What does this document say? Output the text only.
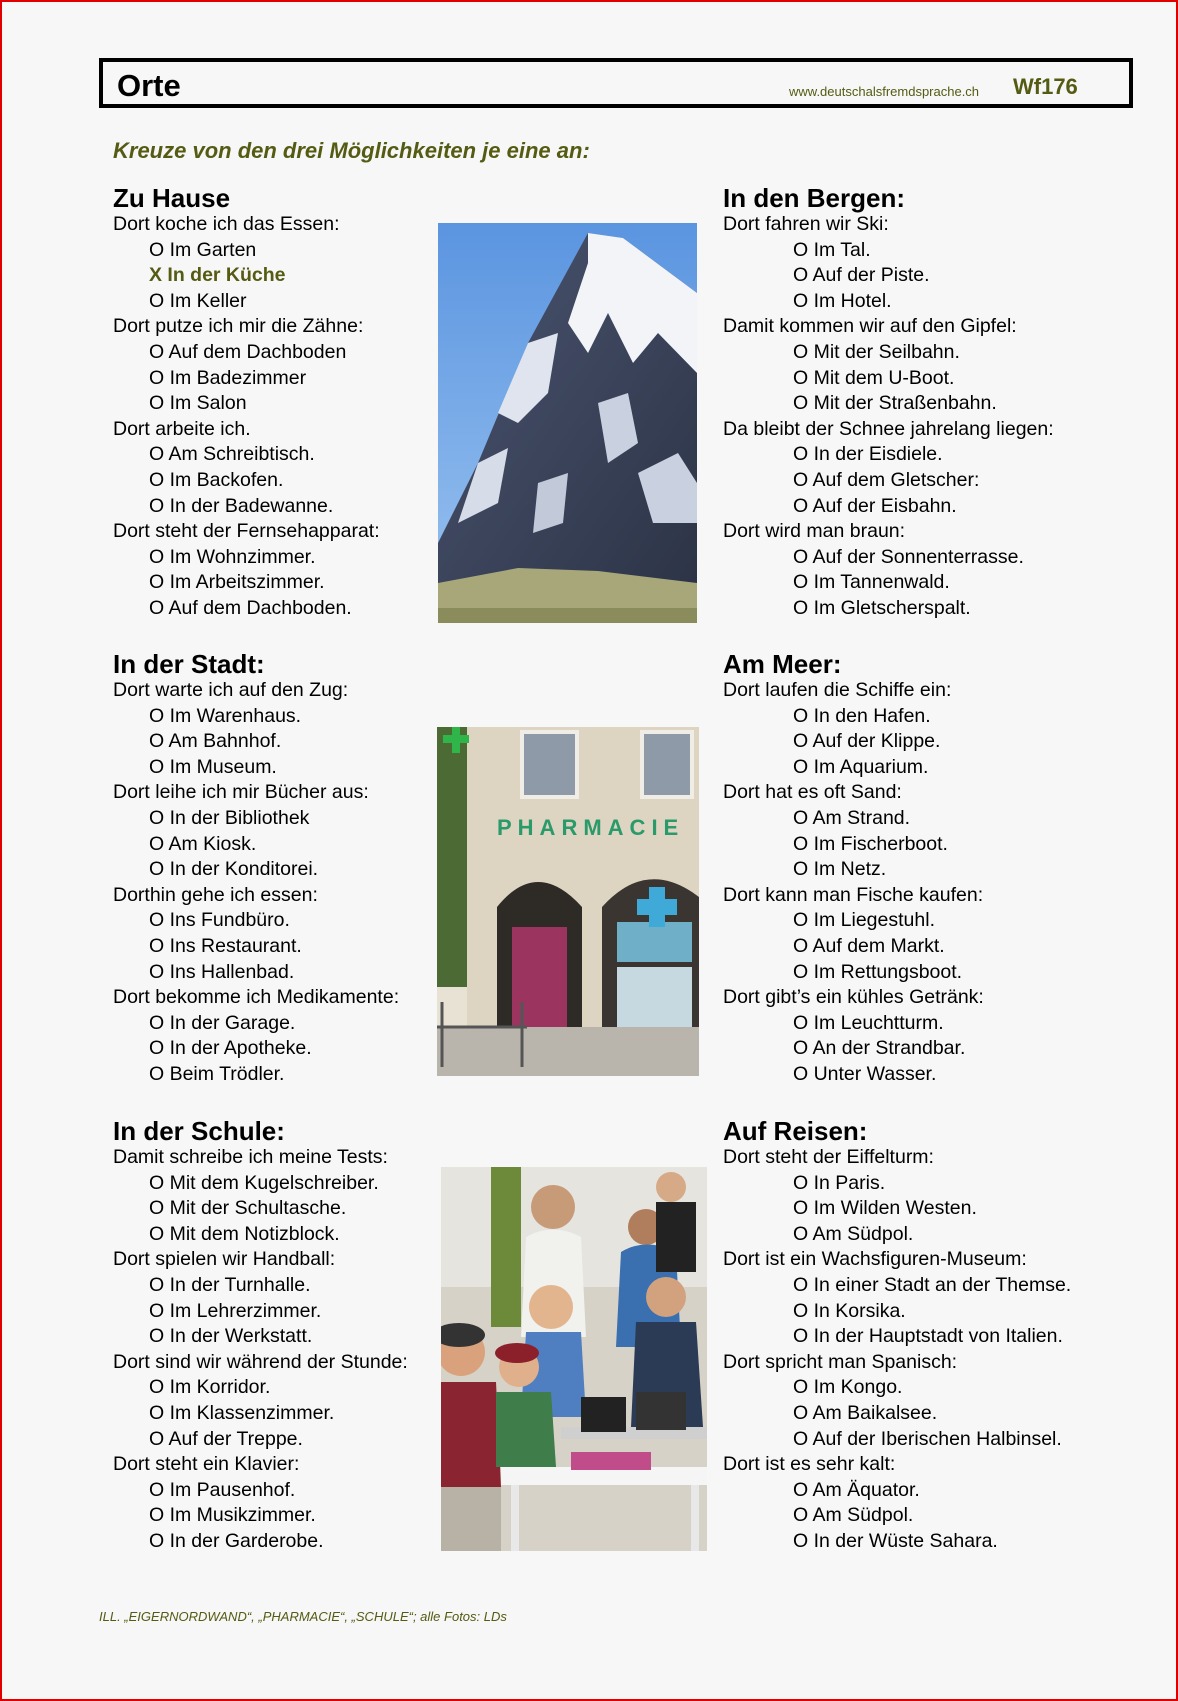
Orte	www.deutschalsfremdsprache.ch Wf176
Kreuze von den drei Möglichkeiten je eine an:
Zu Hause
Dort koche ich das Essen:
O Im Garten
X In der Küche
O Im Keller
Dort putze ich mir die Zähne:
O Auf dem Dachboden
O Im Badezimmer
O Im Salon
Dort arbeite ich.
O Am Schreibtisch.
O Im Backofen.
O In der Badewanne.
Dort steht der Fernsehapparat:
O Im Wohnzimmer.
O Im Arbeitszimmer.
O Auf dem Dachboden.
In der Stadt:
Dort warte ich auf den Zug:
O Im Warenhaus.
O Am Bahnhof.
O Im Museum.
Dort leihe ich mir Bücher aus:
O In der Bibliothek
O Am Kiosk.
O In der Konditorei.
Dorthin gehe ich essen:
O Ins Fundbüro.
O Ins Restaurant.
O Ins Hallenbad.
Dort bekomme ich Medikamente:
O In der Garage.
O In der Apotheke.
O Beim Trödler.
In der Schule:
Damit schreibe ich meine Tests:
O Mit dem Kugelschreiber.
O Mit der Schultasche.
O Mit dem Notizblock.
Dort spielen wir Handball:
O In der Turnhalle.
O Im Lehrerzimmer.
O In der Werkstatt.
Dort sind wir während der Stunde:
O Im Korridor.
O Im Klassenzimmer.
O Auf der Treppe.
Dort steht ein Klavier:
O Im Pausenhof.
O Im Musikzimmer.
O In der Garderobe.
In den Bergen:
Dort fahren wir Ski:
O Im Tal.
O Auf der Piste.
O Im Hotel.
Damit kommen wir auf den Gipfel:
O Mit der Seilbahn.
O Mit dem U-Boot.
O Mit der Straßenbahn.
Da bleibt der Schnee jahrelang liegen:
O In der Eisdiele.
O Auf dem Gletscher:
O Auf der Eisbahn.
Dort wird man braun:
O Auf der Sonnenterrasse.
O Im Tannenwald.
O Im Gletscherspalt.
Am Meer:
Dort laufen die Schiffe ein:
O In den Hafen.
O Auf der Klippe.
O Im Aquarium.
Dort hat es oft Sand:
O Am Strand.
O Im Fischerboot.
O Im Netz.
Dort kann man Fische kaufen:
O Im Liegestuhl.
O Auf dem Markt.
O Im Rettungsboot.
Dort gibt’s ein kühles Getränk:
O Im Leuchtturm.
O An der Strandbar.
O Unter Wasser.
Auf Reisen:
Dort steht der Eiffelturm:
O In Paris.
O Im Wilden Westen.
O Am Südpol.
Dort ist ein Wachsfiguren-Museum:
O In einer Stadt an der Themse.
O In Korsika.
O In der Hauptstadt von Italien.
Dort spricht man Spanisch:
O Im Kongo.
O Am Baikalsee.
O Auf der Iberischen Halbinsel.
Dort ist es sehr kalt:
O Am Äquator.
O Am Südpol.
O In der Wüste Sahara.
PHARMACIE
ILL. „EIGERNORDWAND“, „PHARMACIE“, „SCHULE“; alle Fotos: LDs
